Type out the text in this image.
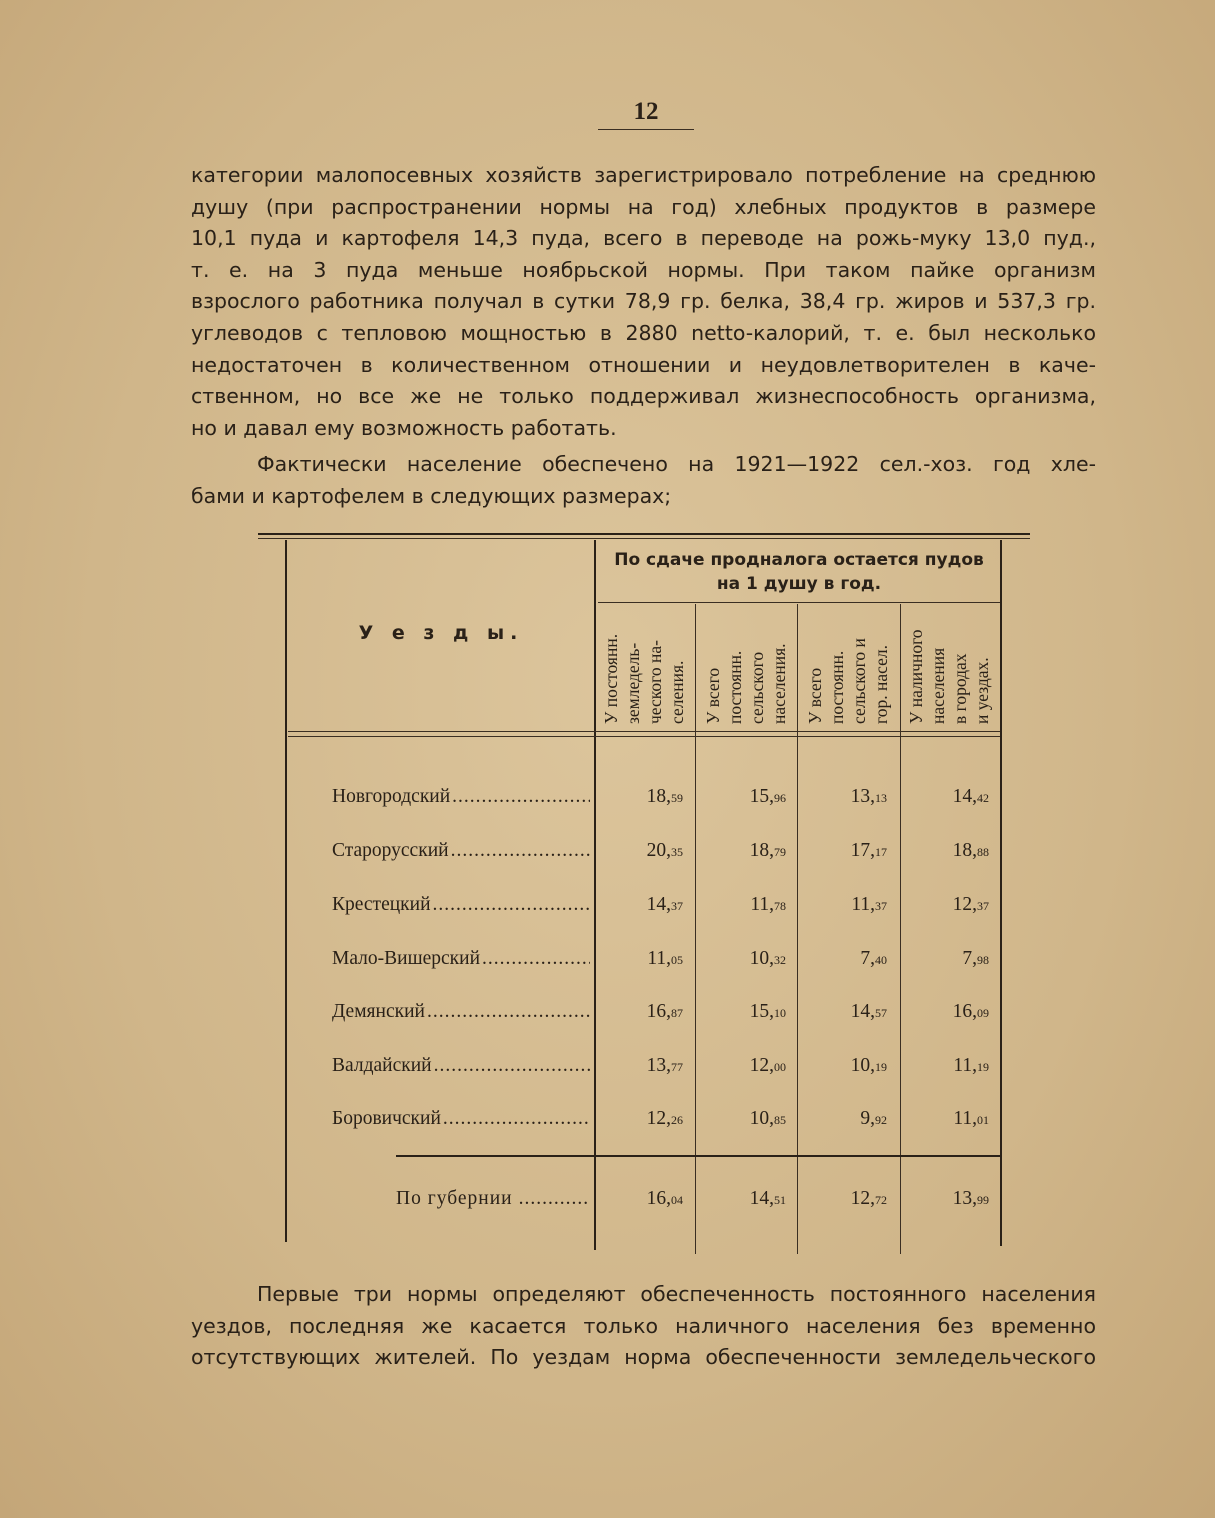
12
категории малопосевных хозяйств зарегистрировало потребление на среднюю
душу (при распространении нормы на год) хлебных продуктов в размере
10,1 пуда и картофеля 14,3 пуда, всего в переводе на рожь-муку 13,0 пуд.,
т. е. на 3 пуда меньше ноябрьской нормы. При таком пайке организм
взрослого работника получал в сутки 78,9 гр. белка, 38,4 гр. жиров и 537,3 гр.
углеводов с тепловою мощностью в 2880 netto-калорий, т. е. был несколько
недостаточен в количественном отношении и неудовлетворителен в каче-
ственном, но все же не только поддерживал жизнеспособность организма,
но и давал ему возможность работать.
Фактически население обеспечено на 1921—1922 сел.-хоз. год хле-
бами и картофелем в следующих размерах;
У е з д ы.
По сдаче продналога остается пудов
на 1 душу в год.
У постоянн. земледель- ческого на- селения. У всего постоянн. сельского населения. У всего постоянн. сельского и гор. насел. У наличного населения в городах и уездах.
Новгородский .....	18,59	15,96	13,13	14,42
Старорусский .....	20,35	18,79	17,17	18,88
Крестецкий .....	14,37	11,78	11,37	12,37
Мало-Вишерский .....	11,05	10,32	7,40	7,98
Демянский .....	16,87	15,10	14,57	16,09
Валдайский .....	13,77	12,00	10,19	11,19
Боровичский .....	12,26	10,85	9,92	11,01
По губернии .....	16,04	14,51	12,72	13,99
Первые три нормы определяют обеспеченность постоянного населения
уездов, последняя же касается только наличного населения без временно
отсутствующих жителей. По уездам норма обеспеченности земледельческого
